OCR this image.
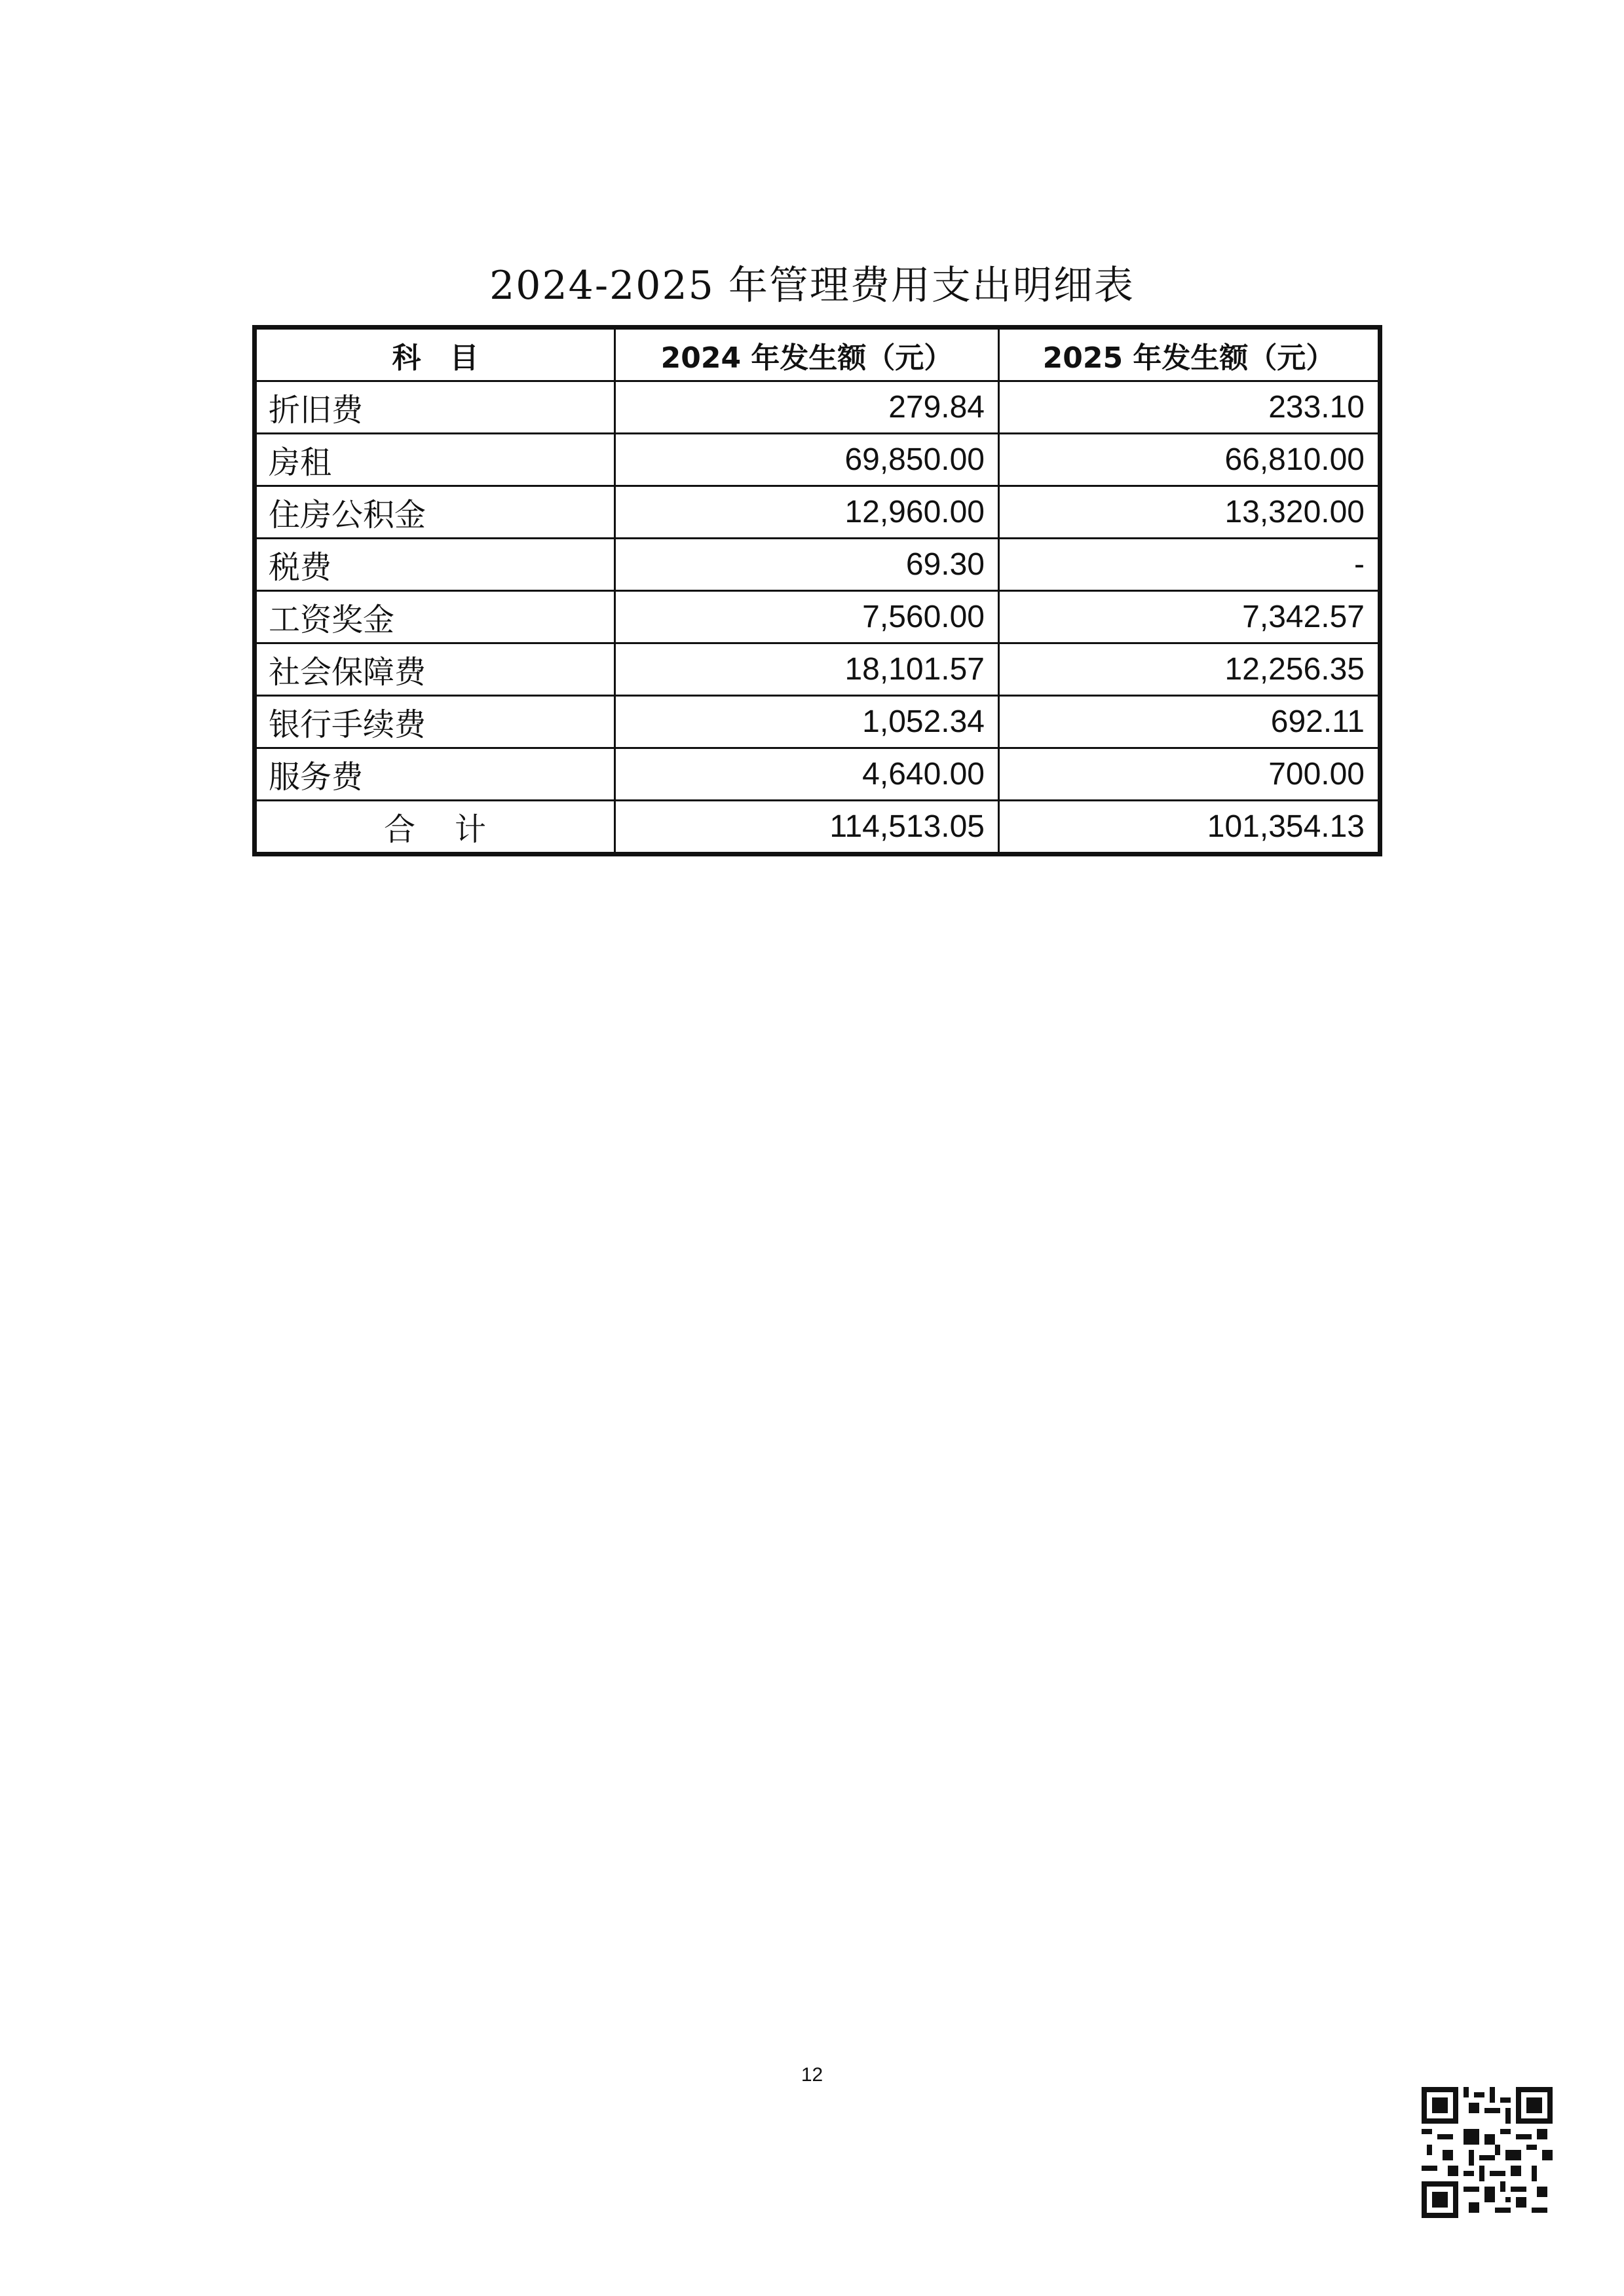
2024-2025 年管理费用支出明细表
科　目	2024 年发生额（元）	2025 年发生额（元）
折旧费	279.84	233.10
房租	69,850.00	66,810.00
住房公积金	12,960.00	13,320.00
税费	69.30	-
工资奖金	7,560.00	7,342.57
社会保障费	18,101.57	12,256.35
银行手续费	1,052.34	692.11
服务费	4,640.00	700.00
合计	114,513.05	101,354.13
12
